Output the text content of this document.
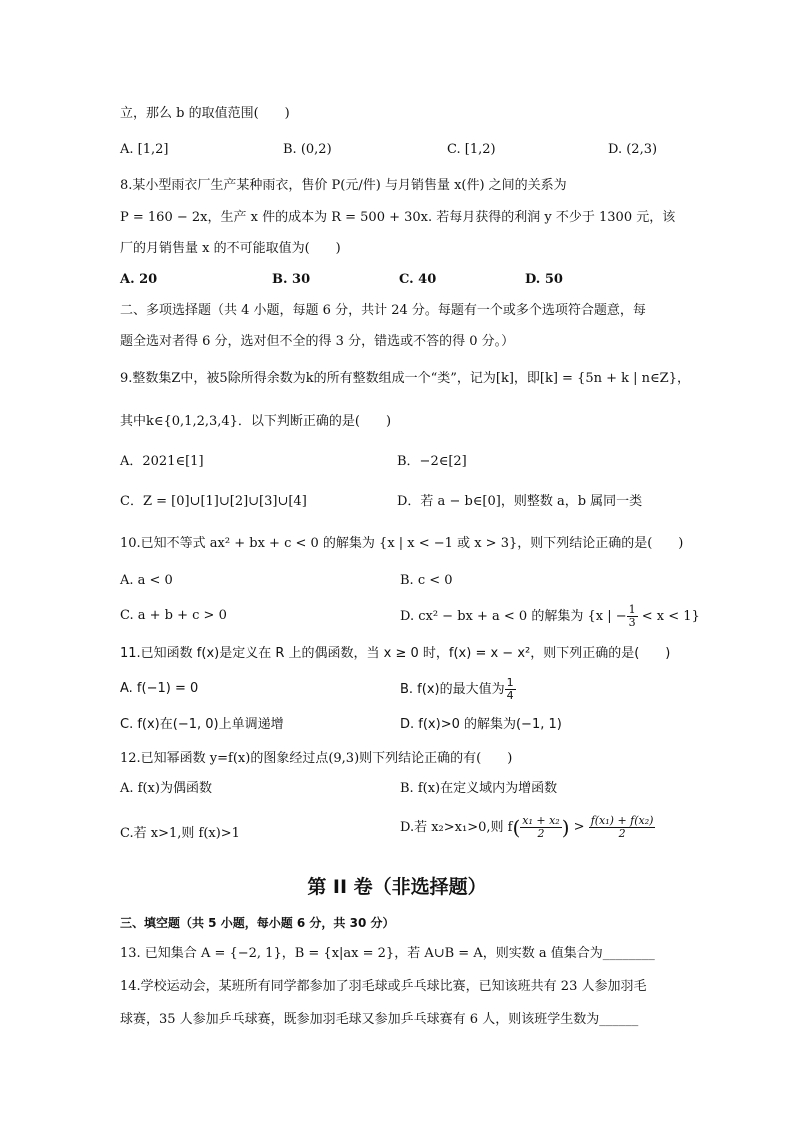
立，那么 b 的取值范围(　　)
A. [1,2]	B. (0,2)	C. [1,2)	D. (2,3)
8.某小型雨衣厂生产某种雨衣，售价 P(元/件) 与月销售量 x(件) 之间的关系为
P = 160 − 2x，生产 x 件的成本为 R = 500 + 30x. 若每月获得的利润 y 不少于 1300 元，该
厂的月销售量 x 的不可能取值为(　　)
A. 20	B. 30	C. 40	D. 50
二、多项选择题（共 4 小题，每题 6 分，共计 24 分。每题有一个或多个选项符合题意，每
题全选对者得 6 分，选对但不全的得 3 分，错选或不答的得 0 分。）
9.整数集Z中，被5除所得余数为k的所有整数组成一个“类”，记为[k]，即[k] = {5n + k | n∈Z}，
其中k∈{0,1,2,3,4}．以下判断正确的是(　　)
A．2021∈[1]	B．−2∈[2]
C．Z = [0]∪[1]∪[2]∪[3]∪[4]	D．若 a − b∈[0]，则整数 a，b 属同一类
10.已知不等式 ax² + bx + c < 0 的解集为 {x | x < −1 或 x > 3}，则下列结论正确的是(　　)
A. a < 0	B. c < 0
C. a + b + c > 0	D. cx² − bx + a < 0 的解集为 {x | − $\frac{1}{3} < x < 1$}
11.已知函数 f(x)是定义在 R 上的偶函数，当 x ≥ 0 时，f(x) = x − x²，则下列正确的是(　　)
A. f(−1) = 0	B. f(x)的最大值为 $\frac{1}{4}$
C. f(x)在(−1, 0)上单调递增	D. f(x)>0 的解集为(−1, 1)
12.已知幂函数 y=f(x)的图象经过点(9,3)则下列结论正确的有(　　)
A. f(x)为偶函数	B. f(x)在定义域内为增函数
C.若 x>1,则 f(x)>1	D.若 x₂>x₁>0,则 $f( \frac{\text{x₁ + x₂}}{2}$ ) > $\frac{\text{f(x₁) + f(x₂)}}{2}$
第 II 卷（非选择题）
三、填空题（共 5 小题，每小题 6 分，共 30 分）
13. 已知集合 A = {−2, 1}，B = {x|ax = 2}，若 A∪B = A，则实数 a 值集合为________
14.学校运动会，某班所有同学都参加了羽毛球或乒乓球比赛，已知该班共有 23 人参加羽毛
球赛，35 人参加乒乓球赛，既参加羽毛球又参加乒乓球赛有 6 人，则该班学生数为______
